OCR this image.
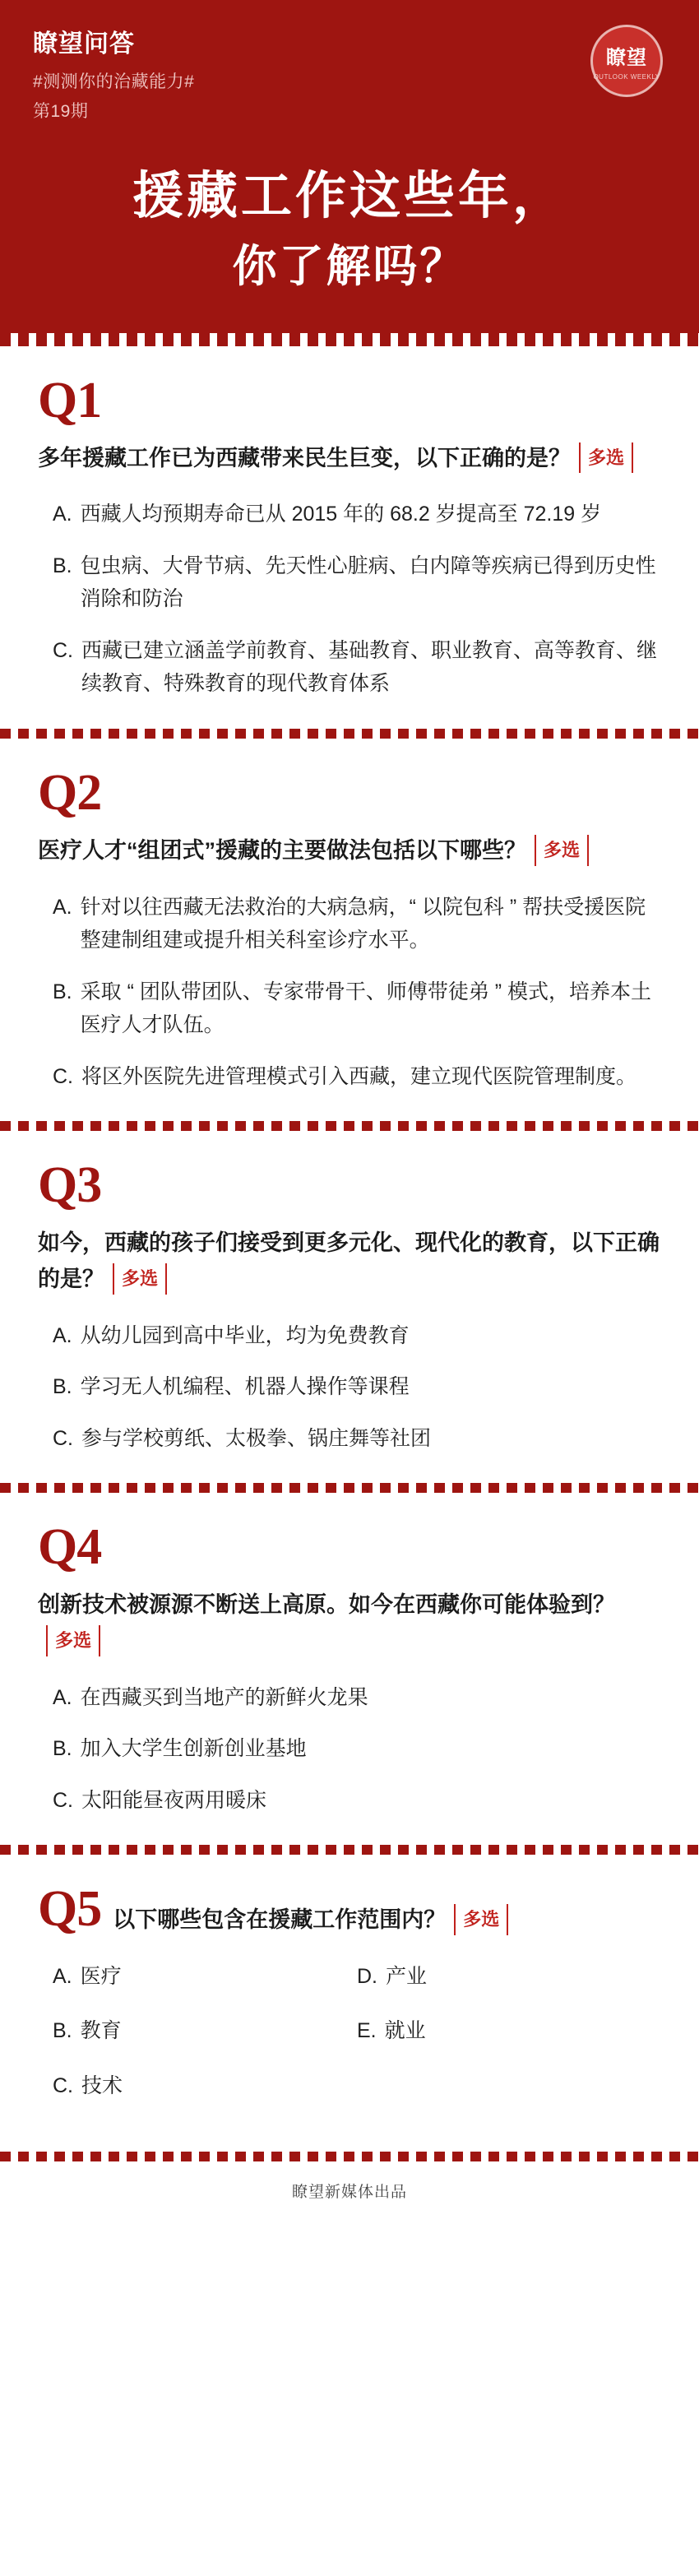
瞭望问答
#测测你的治藏能力#
第19期
瞭望
OUTLOOK WEEKLY
援藏工作这些年，
你了解吗？
Q1
多年援藏工作已为西藏带来民生巨变，以下正确的是？ 多选
A. 西藏人均预期寿命已从 2015 年的 68.2 岁提高至 72.19 岁
B. 包虫病、大骨节病、先天性心脏病、白内障等疾病已得到历史性消除和防治
C. 西藏已建立涵盖学前教育、基础教育、职业教育、高等教育、继续教育、特殊教育的现代教育体系
Q2
医疗人才“组团式”援藏的主要做法包括以下哪些？ 多选
A. 针对以往西藏无法救治的大病急病，“ 以院包科 ” 帮扶受援医院整建制组建或提升相关科室诊疗水平。
B. 采取 “ 团队带团队、专家带骨干、师傅带徒弟 ” 模式，培养本土医疗人才队伍。
C. 将区外医院先进管理模式引入西藏，建立现代医院管理制度。
Q3
如今，西藏的孩子们接受到更多元化、现代化的教育，以下正确的是？ 多选
A. 从幼儿园到高中毕业，均为免费教育
B. 学习无人机编程、机器人操作等课程
C. 参与学校剪纸、太极拳、锅庄舞等社团
Q4
创新技术被源源不断送上高原。如今在西藏你可能体验到？多选
A. 在西藏买到当地产的新鲜火龙果
B. 加入大学生创新创业基地
C. 太阳能昼夜两用暖床
Q5 以下哪些包含在援藏工作范围内？ 多选
A. 医疗	D. 产业
B. 教育	E. 就业
C. 技术
瞭望新媒体出品
